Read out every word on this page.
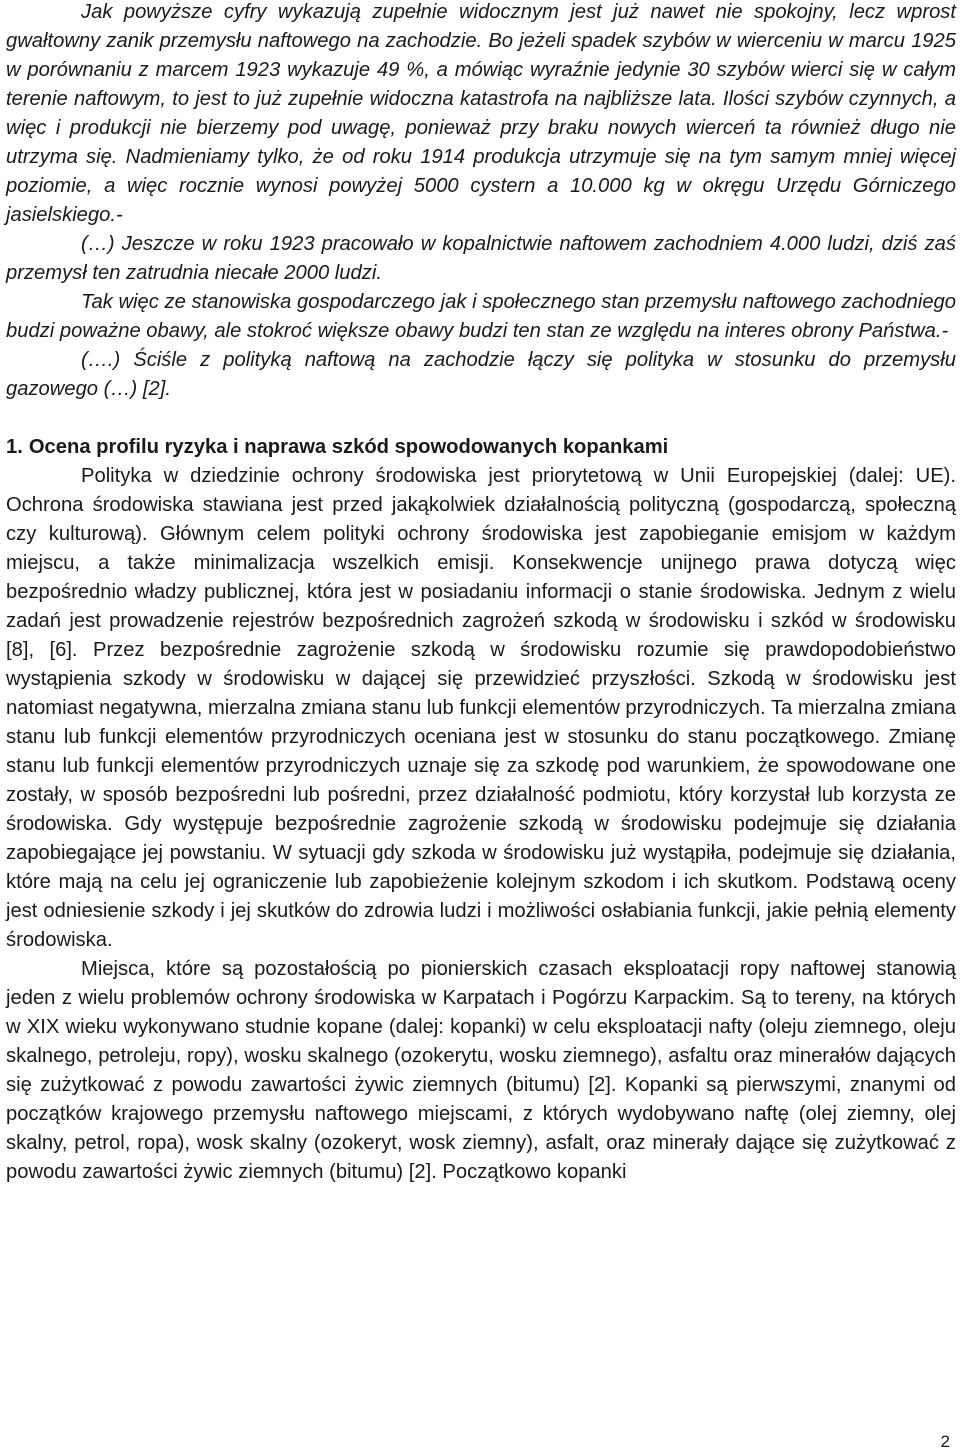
Jak powyższe cyfry wykazują zupełnie widocznym jest już nawet nie spokojny, lecz wprost gwałtowny zanik przemysłu naftowego na zachodzie. Bo jeżeli spadek szybów w wierceniu w marcu 1925 w porównaniu z marcem 1923 wykazuje 49 %, a mówiąc wyraźnie jedynie 30 szybów wierci się w całym terenie naftowym, to jest to już zupełnie widoczna katastrofa na najbliższe lata. Ilości szybów czynnych, a więc i produkcji nie bierzemy pod uwagę, ponieważ przy braku nowych wierceń ta również długo nie utrzyma się. Nadmieniamy tylko, że od roku 1914 produkcja utrzymuje się na tym samym mniej więcej poziomie, a więc rocznie wynosi powyżej 5000 cystern a 10.000 kg w okręgu Urzędu Górniczego jasielskiego.-

(…) Jeszcze w roku 1923 pracowało w kopalnictwie naftowem zachodniem 4.000 ludzi, dziś zaś przemysł ten zatrudnia niecałe 2000 ludzi.

Tak więc ze stanowiska gospodarczego jak i społecznego stan przemysłu naftowego zachodniego budzi poważne obawy, ale stokroć większe obawy budzi ten stan ze względu na interes obrony Państwa.-

(….) Ściśle z polityką naftową na zachodzie łączy się polityka w stosunku do przemysłu gazowego (…) [2].

1. Ocena profilu ryzyka i naprawa szkód spowodowanych kopankami

Polityka w dziedzinie ochrony środowiska jest priorytetową w Unii Europejskiej (dalej: UE). Ochrona środowiska stawiana jest przed jakąkolwiek działalnością polityczną (gospodarczą, społeczną czy kulturową). Głównym celem polityki ochrony środowiska jest zapobieganie emisjom w każdym miejscu, a także minimalizacja wszelkich emisji. Konsekwencje unijnego prawa dotyczą więc bezpośrednio władzy publicznej, która jest w posiadaniu informacji o stanie środowiska. Jednym z wielu zadań jest prowadzenie rejestrów bezpośrednich zagrożeń szkodą w środowisku i szkód w środowisku [8], [6]. Przez bezpośrednie zagrożenie szkodą w środowisku rozumie się prawdopodobieństwo wystąpienia szkody w środowisku w dającej się przewidzieć przyszłości. Szkodą w środowisku jest natomiast negatywna, mierzalna zmiana stanu lub funkcji elementów przyrodniczych. Ta mierzalna zmiana stanu lub funkcji elementów przyrodniczych oceniana jest w stosunku do stanu początkowego. Zmianę stanu lub funkcji elementów przyrodniczych uznaje się za szkodę pod warunkiem, że spowodowane one zostały, w sposób bezpośredni lub pośredni, przez działalność podmiotu, który korzystał lub korzysta ze środowiska. Gdy występuje bezpośrednie zagrożenie szkodą w środowisku podejmuje się działania zapobiegające jej powstaniu. W sytuacji gdy szkoda w środowisku już wystąpiła, podejmuje się działania, które mają na celu jej ograniczenie lub zapobieżenie kolejnym szkodom i ich skutkom. Podstawą oceny jest odniesienie szkody i jej skutków do zdrowia ludzi i możliwości osłabiania funkcji, jakie pełnią elementy środowiska.

Miejsca, które są pozostałością po pionierskich czasach eksploatacji ropy naftowej stanowią jeden z wielu problemów ochrony środowiska w Karpatach i Pogórzu Karpackim. Są to tereny, na których w XIX wieku wykonywano studnie kopane (dalej: kopanki) w celu eksploatacji nafty (oleju ziemnego, oleju skalnego, petroleju, ropy), wosku skalnego (ozokerytu, wosku ziemnego), asfaltu oraz minerałów dających się zużytkować z powodu zawartości żywic ziemnych (bitumu) [2]. Kopanki są pierwszymi, znanymi od początków krajowego przemysłu naftowego miejscami, z których wydobywano naftę (olej ziemny, olej skalny, petrol, ropa), wosk skalny (ozokeryt, wosk ziemny), asfalt, oraz minerały dające się zużytkować z powodu zawartości żywic ziemnych (bitumu) [2]. Początkowo kopanki

2
